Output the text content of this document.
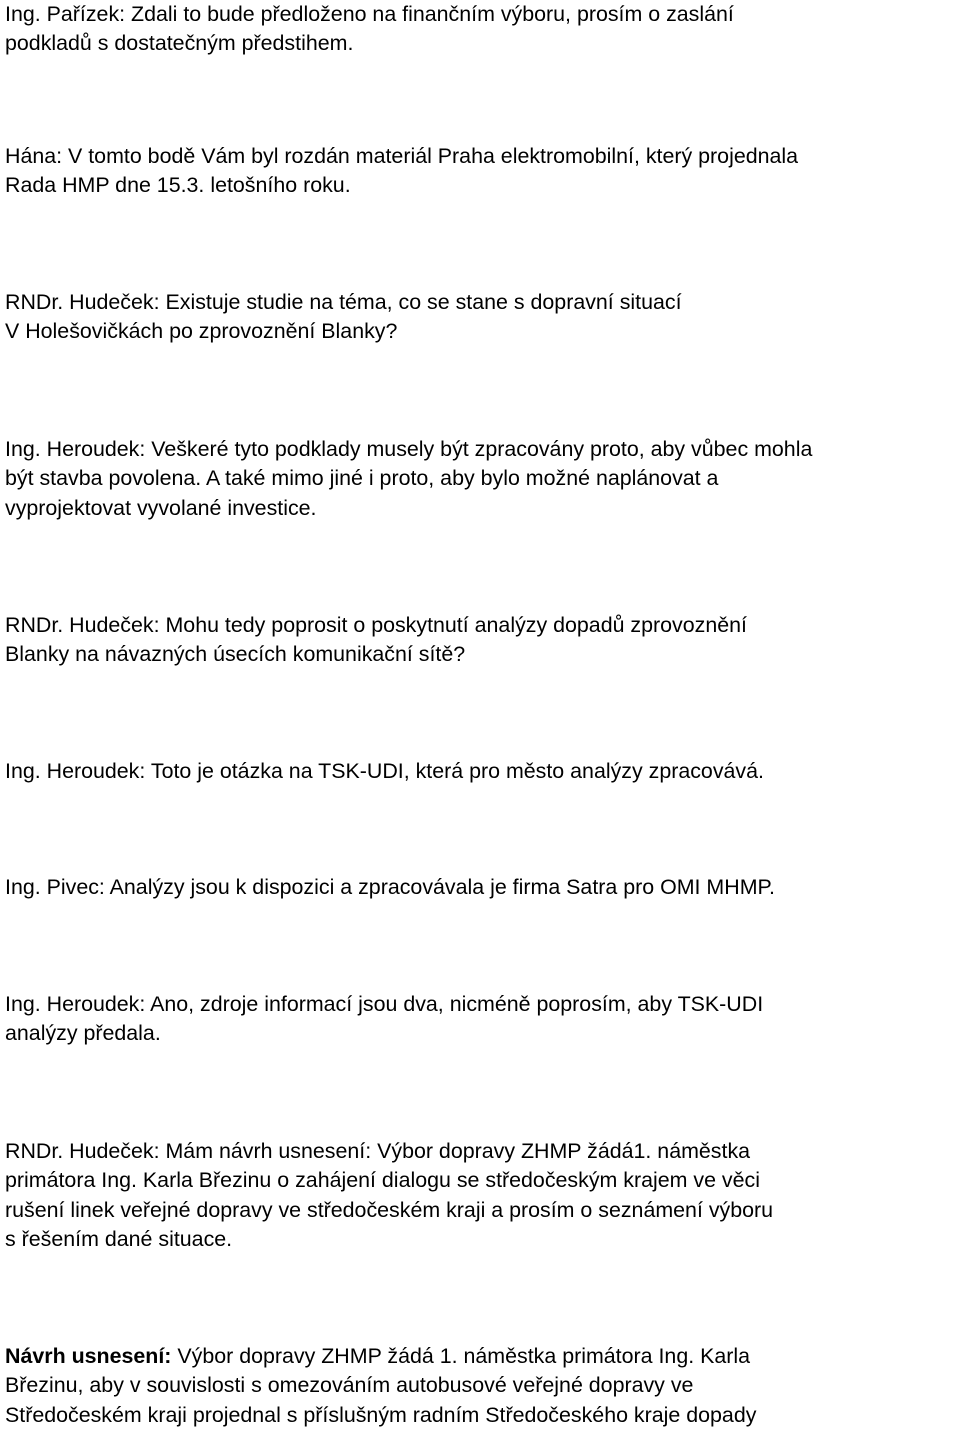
Ing. Pařízek: Zdali to bude předloženo na finančním výboru, prosím o zaslání
podkladů s dostatečným předstihem.
Hána: V tomto bodě Vám byl rozdán materiál Praha elektromobilní, který projednala
Rada HMP dne 15.3. letošního roku.
RNDr. Hudeček: Existuje studie na téma, co se stane s dopravní situací
V Holešovičkách po zprovoznění Blanky?
Ing. Heroudek: Veškeré tyto podklady musely být zpracovány proto, aby vůbec mohla
být stavba povolena. A také mimo jiné i proto, aby bylo možné naplánovat a
vyprojektovat vyvolané investice.
RNDr. Hudeček: Mohu tedy poprosit o poskytnutí analýzy dopadů zprovoznění
Blanky na návazných úsecích komunikační sítě?
Ing. Heroudek: Toto je otázka na TSK-UDI, která pro město analýzy zpracovává.
Ing. Pivec: Analýzy jsou k dispozici a zpracovávala je firma Satra pro OMI MHMP.
Ing. Heroudek: Ano, zdroje informací jsou dva, nicméně poprosím, aby TSK-UDI
analýzy předala.
RNDr. Hudeček: Mám návrh usnesení: Výbor dopravy ZHMP žádá1. náměstka
primátora Ing. Karla Březinu o zahájení dialogu se středočeským krajem ve věci
rušení linek veřejné dopravy ve středočeském kraji a prosím o seznámení výboru
s řešením dané situace.
Návrh usnesení: Výbor dopravy ZHMP žádá 1. náměstka primátora Ing. Karla
Březinu, aby v souvislosti s omezováním autobusové veřejné dopravy ve
Středočeském kraji projednal s příslušným radním Středočeského kraje dopady
